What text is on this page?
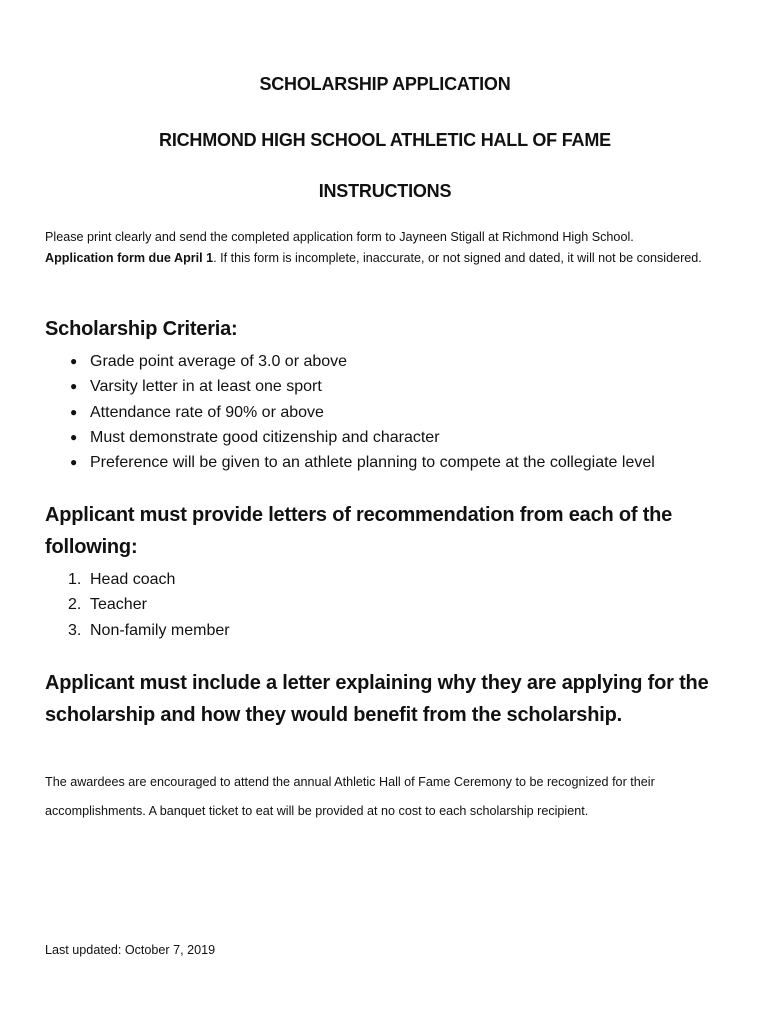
SCHOLARSHIP APPLICATION
RICHMOND HIGH SCHOOL ATHLETIC HALL OF FAME
INSTRUCTIONS

Please print clearly and send the completed application form to Jayneen Stigall at Richmond High School.
Application form due April 1. If this form is incomplete, inaccurate, or not signed and dated, it will not be considered.

Scholarship Criteria:
● Grade point average of 3.0 or above
● Varsity letter in at least one sport
● Attendance rate of 90% or above
● Must demonstrate good citizenship and character
● Preference will be given to an athlete planning to compete at the collegiate level
Applicant must provide letters of recommendation from each of the following:
1. Head coach
2. Teacher
3. Non-family member
Applicant must include a letter explaining why they are applying for the scholarship and how they would benefit from the scholarship.

The awardees are encouraged to attend the annual Athletic Hall of Fame Ceremony to be recognized for their accomplishments. A banquet ticket to eat will be provided at no cost to each scholarship recipient.

Last updated: October 7, 2019
